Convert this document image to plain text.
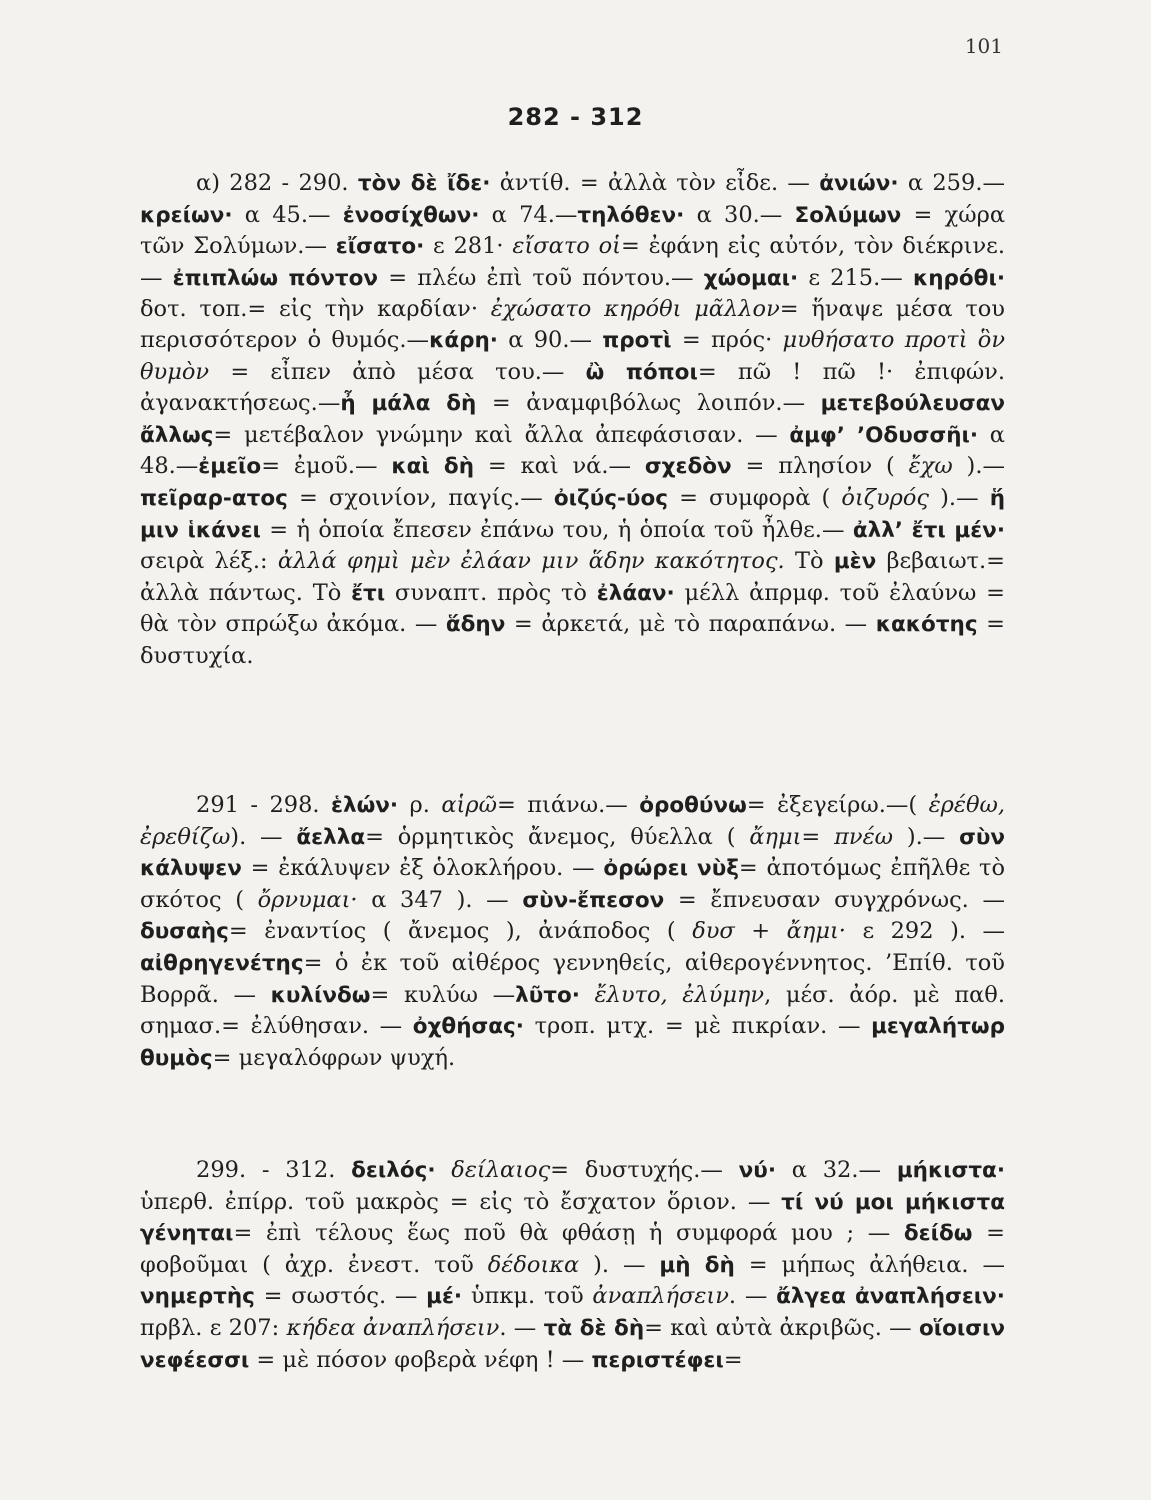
101
282 - 312

α) 282 - 290. τὸν δὲ ἴδε· ἀντίθ. = ἀλλὰ τὸν εἶδε. — ἀνιών· α 259.—κρείων· α 45.— ἐνοσίχθων· α 74.—τηλόθεν· α 30.— Σολύμων = χώρα τῶν Σολύμων.— εἴσατο· ε 281· εἴσατο οἱ= ἐφάνη εἰς αὐτόν, τὸν διέκρινε.— ἐπιπλώω πόντον = πλέω ἐπὶ τοῦ πόντου.— χώομαι· ε 215.— κηρόθι· δοτ. τοπ.= εἰς τὴν καρδίαν· ἐχώσατο κηρόθι μᾶλλον= ἥναψε μέσα του περισσότερον ὁ θυμός.—κάρη· α 90.— προτὶ = πρός· μυθήσατο προτὶ ὃν θυμὸν = εἶπεν ἀπὸ μέσα του.— ὢ πόποι= πῶ ! πῶ !· ἐπιφών. ἀγανακτήσεως.—ἦ μάλα δὴ = ἀναμφιβόλως λοιπόν.— μετεβούλευσαν ἄλλως= μετέβαλον γνώμην καὶ ἄλλα ἀπεφάσισαν. — ἀμφ’ ’Οδυσσῆι· α 48.—ἐμεῖο= ἐμοῦ.— καὶ δὴ = καὶ νά.— σχεδὸν = πλησίον ( ἔχω ).—πεῖραρ-ατος = σχοινίον, παγίς.— ὀιζύς-ύος = συμφορὰ ( ὀιζυρός ).— ἥ μιν ἱκάνει = ἡ ὁποία ἔπεσεν ἐπάνω του, ἡ ὁποία τοῦ ἦλθε.— ἀλλ’ ἔτι μέν· σειρὰ λέξ.: ἀλλά φημὶ μὲν ἐλάαν μιν ἅδην κακότητος. Τὸ μὲν βεβαιωτ.= ἀλλὰ πάντως. Τὸ ἔτι συναπτ. πρὸς τὸ ἐλάαν· μέλλ ἀπρμφ. τοῦ ἐλαύνω = θὰ τὸν σπρώξω ἀκόμα. — ἅδην = ἀρκετά, μὲ τὸ παραπάνω. — κακότης = δυστυχία.

291 - 298. ἑλών· ρ. αἱρῶ= πιάνω.— ὀροθύνω= ἐξεγείρω.—( ἐρέθω, ἐρεθίζω). — ἄελλα= ὁρμητικὸς ἄνεμος, θύελλα ( ἄημι= πνέω ).— σὺν κάλυψεν = ἐκάλυψεν ἐξ ὁλοκλήρου. — ὀρώρει νὺξ= ἀποτόμως ἐπῆλθε τὸ σκότος ( ὄρνυμαι· α 347 ). — σὺν-ἔπεσον = ἔπνευσαν συγχρόνως. — δυσαὴς= ἐναντίος ( ἄνεμος ), ἀνάποδος ( δυσ + ἄημι· ε 292 ). — αἰθρηγενέτης= ὁ ἐκ τοῦ αἰθέρος γεννηθείς, αἰθερογέννητος. ’Επίθ. τοῦ Βορρᾶ. — κυλίνδω= κυλύω —λῦτο· ἔλυτο, ἐλύμην, μέσ. ἀόρ. μὲ παθ. σημασ.= ἐλύθησαν. — ὀχθήσας· τροπ. μτχ. = μὲ πικρίαν. — μεγαλήτωρ θυμὸς= μεγαλόφρων ψυχή.

299. - 312. δειλός· δείλαιος= δυστυχής.— νύ· α 32.— μήκιστα· ὑπερθ. ἐπίρρ. τοῦ μακρὸς = εἰς τὸ ἔσχατον ὅριον. — τί νύ μοι μήκιστα γένηται= ἐπὶ τέλους ἕως ποῦ θὰ φθάσῃ ἡ συμφορά μου ; — δείδω = φοβοῦμαι ( ἀχρ. ἐνεστ. τοῦ δέδοικα ). — μὴ δὴ = μήπως ἀλήθεια. — νημερτὴς = σωστός. — μέ· ὑπκμ. τοῦ ἀναπλήσειν. — ἄλγεα ἀναπλήσειν· πρβλ. ε 207: κήδεα ἀναπλήσειν. — τὰ δὲ δὴ= καὶ αὐτὰ ἀκριβῶς. — οἵοισιν νεφέεσσι = μὲ πόσον φοβερὰ νέφη ! — περιστέφει=
